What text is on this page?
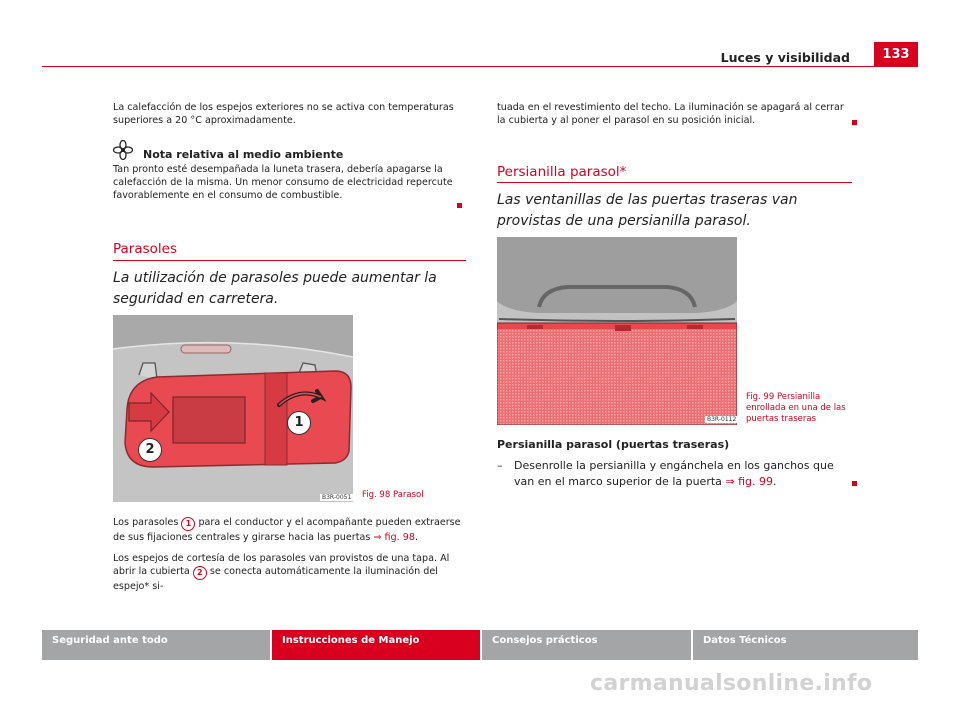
Luces y visibilidad	133
La calefacción de los espejos exteriores no se activa con temperaturas superiores a 20 °C aproximadamente.
Nota relativa al medio ambiente
Tan pronto esté desempañada la luneta trasera, debería apagarse la calefacción de la misma. Un menor consumo de electricidad repercute favorablemente en el consumo de combustible.
Parasoles
La utilización de parasoles puede aumentar la seguridad en carretera.
1
2
B3R-0051 Fig. 98 Parasol
Los parasoles 1 para el conductor y el acompañante pueden extraerse de sus fijaciones centrales y girarse hacia las puertas ⇒ fig. 98.
Los espejos de cortesía de los parasoles van provistos de una tapa. Al abrir la cubierta 2 se conecta automáticamente la iluminación del espejo* si-
tuada en el revestimiento del techo. La iluminación se apagará al cerrar la cubierta y al poner el parasol en su posición inicial.
Persianilla parasol*
Las ventanillas de las puertas traseras van provistas de una persianilla parasol.
B3R-0112
Fig. 99 Persianilla enrollada en una de las puertas traseras
Persianilla parasol (puertas traseras)
– Desenrolle la persianilla y engánchela en los ganchos que van en el marco superior de la puerta ⇒ fig. 99.
Seguridad ante todo	Instrucciones de Manejo	Consejos prácticos	Datos Técnicos
carmanualsonline.info
